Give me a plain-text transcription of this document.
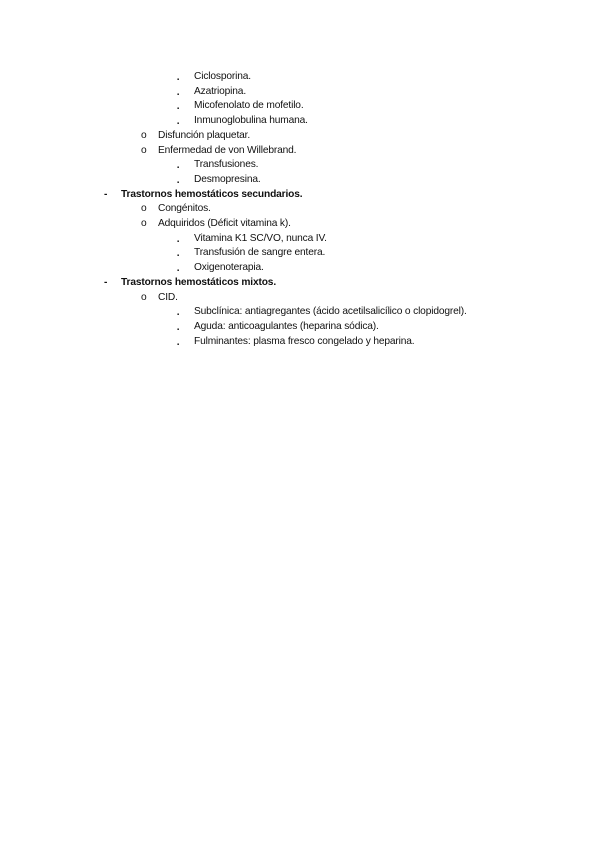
▪ Ciclosporina.
▪ Azatriopina.
▪ Micofenolato de mofetilo.
▪ Inmunoglobulina humana.
o Disfunción plaquetar.
o Enfermedad de von Willebrand.
▪ Transfusiones.
▪ Desmopresina.
- Trastornos hemostáticos secundarios.
o Congénitos.
o Adquiridos (Déficit vitamina k).
▪ Vitamina K1 SC/VO, nunca IV.
▪ Transfusión de sangre entera.
▪ Oxigenoterapia.
- Trastornos hemostáticos mixtos.
o CID.
▪ Subclínica: antiagregantes (ácido acetilsalicílico o clopidogrel).
▪ Aguda: anticoagulantes (heparina sódica).
▪ Fulminantes: plasma fresco congelado y heparina.
